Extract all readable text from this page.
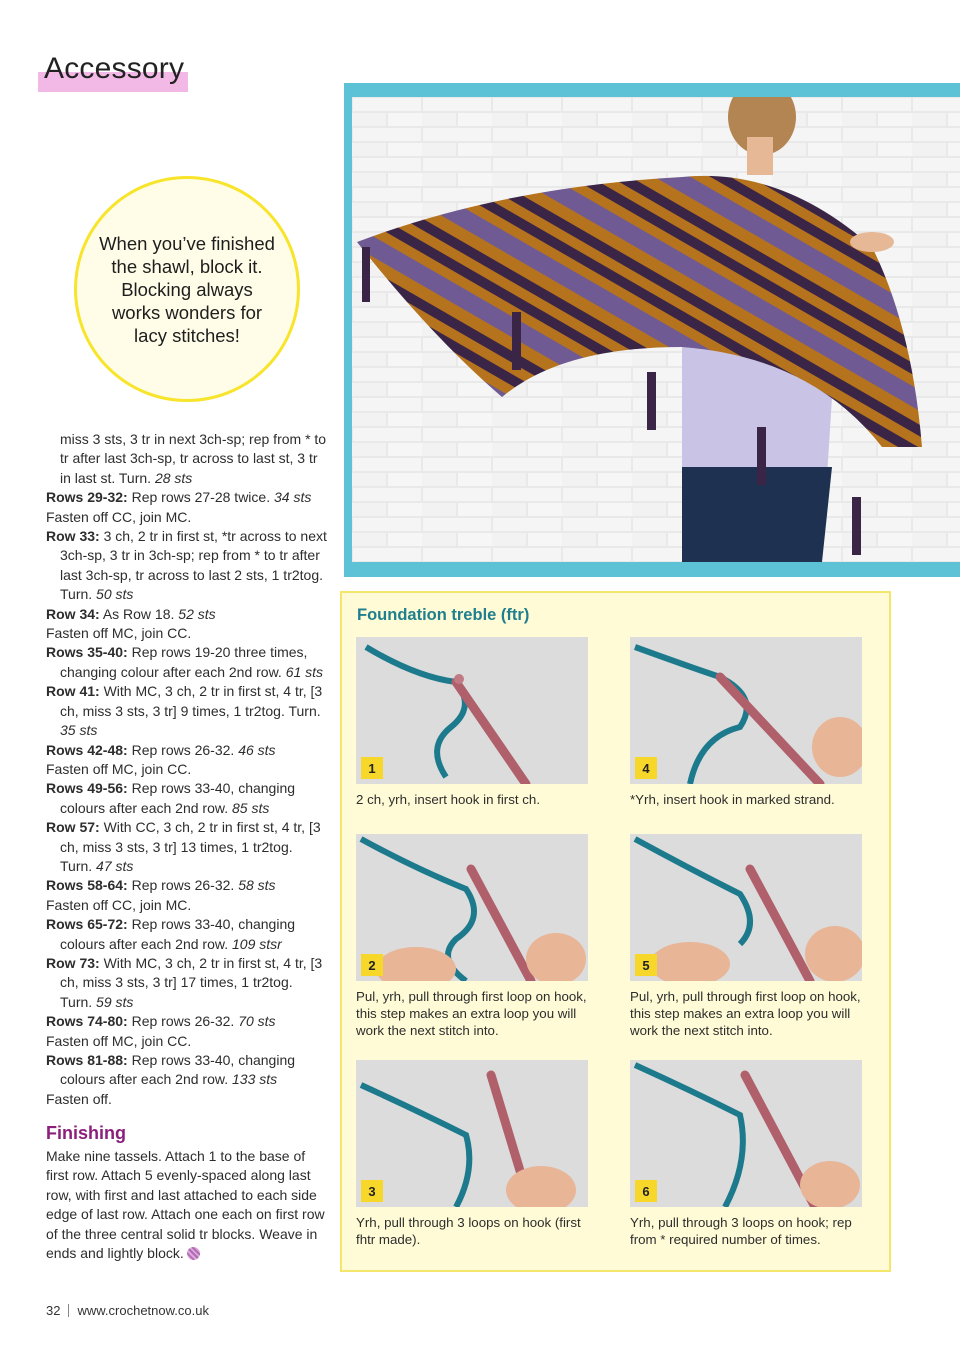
Accessory

When you’ve finished the shawl, block it. Blocking always works wonders for lacy stitches!

miss 3 sts, 3 tr in next 3ch-sp; rep from * to tr after last 3ch-sp, tr across to last st, 3 tr in last st. Turn. 28 sts
Rows 29-32: Rep rows 27-28 twice. 34 sts
Fasten off CC, join MC.
Row 33: 3 ch, 2 tr in first st, *tr across to next 3ch-sp, 3 tr in 3ch-sp; rep from * to tr after last 3ch-sp, tr across to last 2 sts, 1 tr2tog. Turn. 50 sts
Row 34: As Row 18. 52 sts
Fasten off MC, join CC.
Rows 35-40: Rep rows 19-20 three times, changing colour after each 2nd row. 61 sts
Row 41: With MC, 3 ch, 2 tr in first st, 4 tr, [3 ch, miss 3 sts, 3 tr] 9 times, 1 tr2tog. Turn. 35 sts
Rows 42-48: Rep rows 26-32. 46 sts
Fasten off MC, join CC.
Rows 49-56: Rep rows 33-40, changing colours after each 2nd row. 85 sts
Row 57: With CC, 3 ch, 2 tr in first st, 4 tr, [3 ch, miss 3 sts, 3 tr] 13 times, 1 tr2tog. Turn. 47 sts
Rows 58-64: Rep rows 26-32. 58 sts
Fasten off CC, join MC.
Rows 65-72: Rep rows 33-40, changing colours after each 2nd row. 109 stsr
Row 73: With MC, 3 ch, 2 tr in first st, 4 tr, [3 ch, miss 3 sts, 3 tr] 17 times, 1 tr2tog. Turn. 59 sts
Rows 74-80: Rep rows 26-32. 70 sts
Fasten off MC, join CC.
Rows 81-88: Rep rows 33-40, changing colours after each 2nd row. 133 sts
Fasten off.
Finishing
Make nine tassels. Attach 1 to the base of first row. Attach 5 evenly-spaced along last row, with first and last attached to each side edge of last row. Attach one each on first row of the three central solid tr blocks. Weave in ends and lightly block.
Foundation treble (ftr)
1
2 ch, yrh, insert hook in first ch.
2
Pul, yrh, pull through first loop on hook, this step makes an extra loop you will work the next stitch into.
3
Yrh, pull through 3 loops on hook (first fhtr made).
4
*Yrh, insert hook in marked strand.
5
Pul, yrh, pull through first loop on hook, this step makes an extra loop you will work the next stitch into.
6
Yrh, pull through 3 loops on hook; rep from * required number of times.
32 www.crochetnow.co.uk
